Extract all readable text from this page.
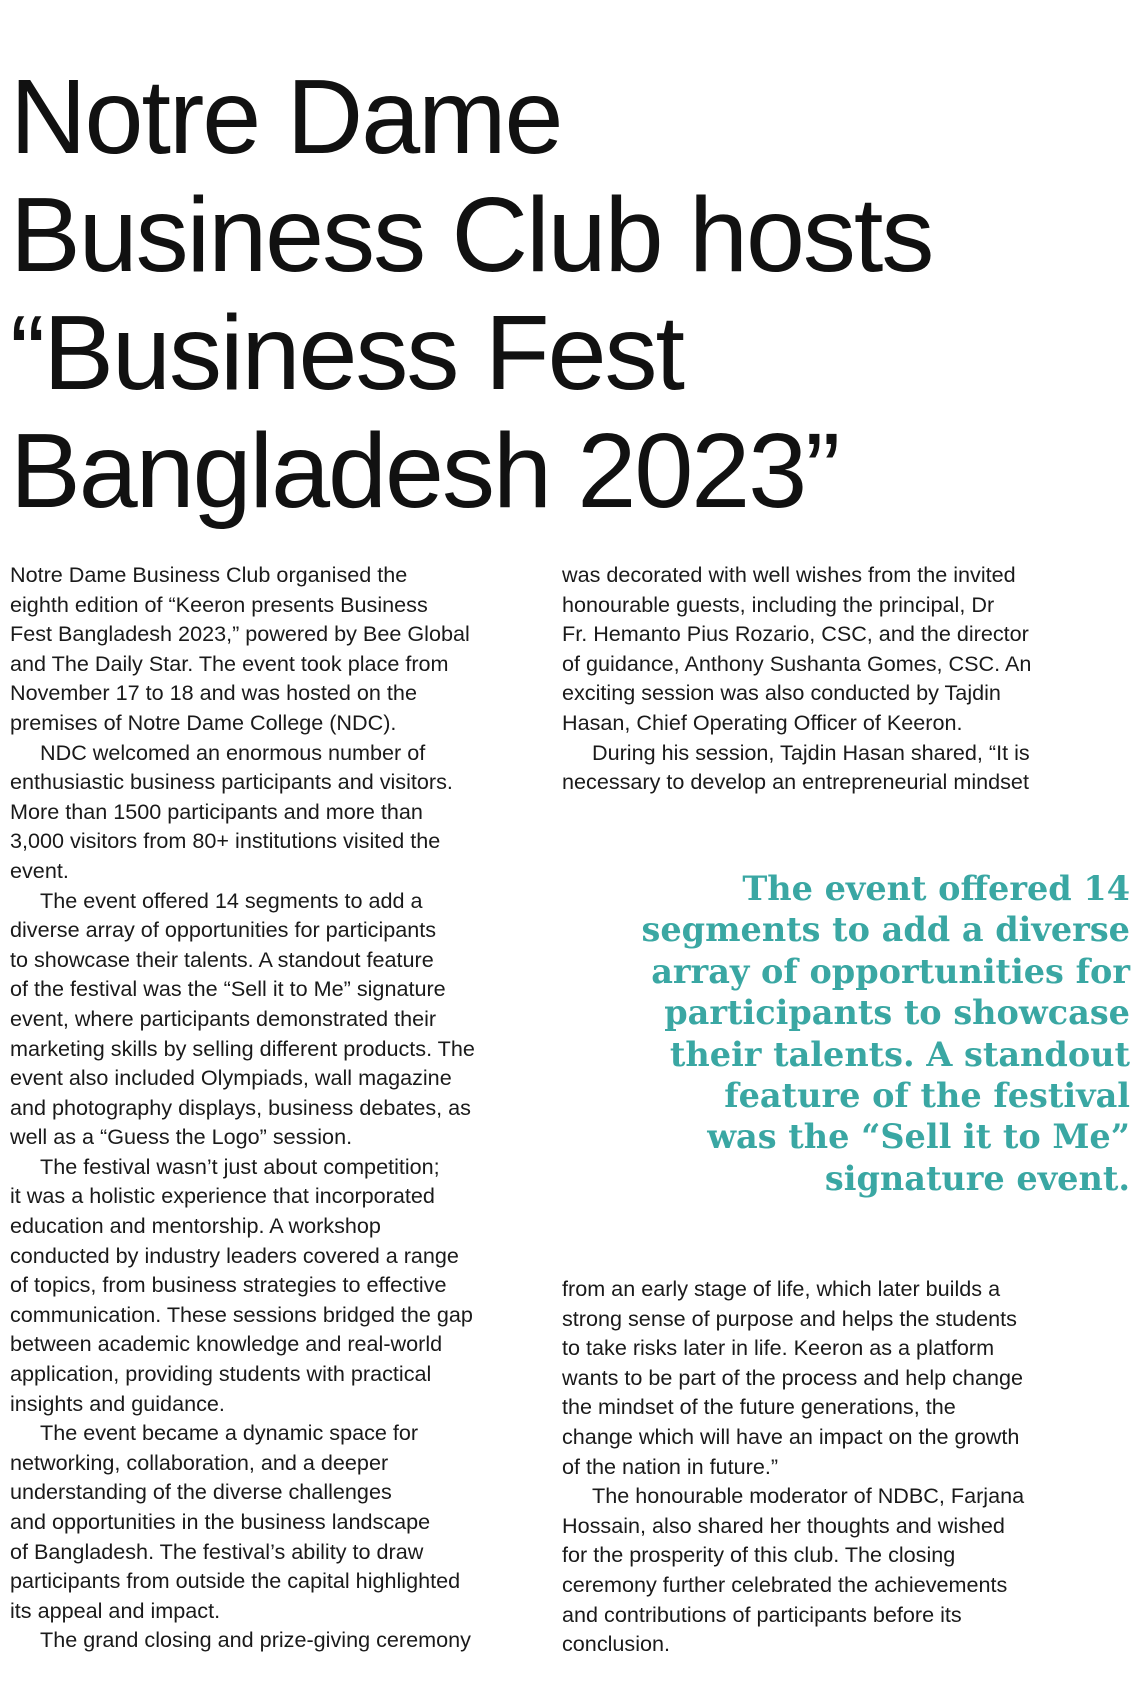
Notre Dame
Business Club hosts
“Business Fest
Bangladesh 2023”

Notre Dame Business Club organised the

eighth edition of “Keeron presents Business

Fest Bangladesh 2023,” powered by Bee Global

and The Daily Star. The event took place from

November 17 to 18 and was hosted on the

premises of Notre Dame College (NDC).

NDC welcomed an enormous number of

enthusiastic business participants and visitors.

More than 1500 participants and more than

3,000 visitors from 80+ institutions visited the

event.

The event offered 14 segments to add a

diverse array of opportunities for participants

to showcase their talents. A standout feature

of the festival was the “Sell it to Me” signature

event, where participants demonstrated their

marketing skills by selling different products. The

event also included Olympiads, wall magazine

and photography displays, business debates, as

well as a “Guess the Logo” session.

The festival wasn’t just about competition;

it was a holistic experience that incorporated

education and mentorship. A workshop

conducted by industry leaders covered a range

of topics, from business strategies to effective

communication. These sessions bridged the gap

between academic knowledge and real-world

application, providing students with practical

insights and guidance.

The event became a dynamic space for

networking, collaboration, and a deeper

understanding of the diverse challenges

and opportunities in the business landscape

of Bangladesh. The festival’s ability to draw

participants from outside the capital highlighted

its appeal and impact.

The grand closing and prize-giving ceremony

was decorated with well wishes from the invited

honourable guests, including the principal, Dr

Fr. Hemanto Pius Rozario, CSC, and the director

of guidance, Anthony Sushanta Gomes, CSC. An

exciting session was also conducted by Tajdin

Hasan, Chief Operating Officer of Keeron.

During his session, Tajdin Hasan shared, “It is

necessary to develop an entrepreneurial mindset

The event offered 14
segments to add a diverse
array of opportunities for
participants to showcase
their talents. A standout
feature of the festival
was the “Sell it to Me”
signature event.

from an early stage of life, which later builds a

strong sense of purpose and helps the students

to take risks later in life. Keeron as a platform

wants to be part of the process and help change

the mindset of the future generations, the

change which will have an impact on the growth

of the nation in future.”

The honourable moderator of NDBC, Farjana

Hossain, also shared her thoughts and wished

for the prosperity of this club. The closing

ceremony further celebrated the achievements

and contributions of participants before its

conclusion.
